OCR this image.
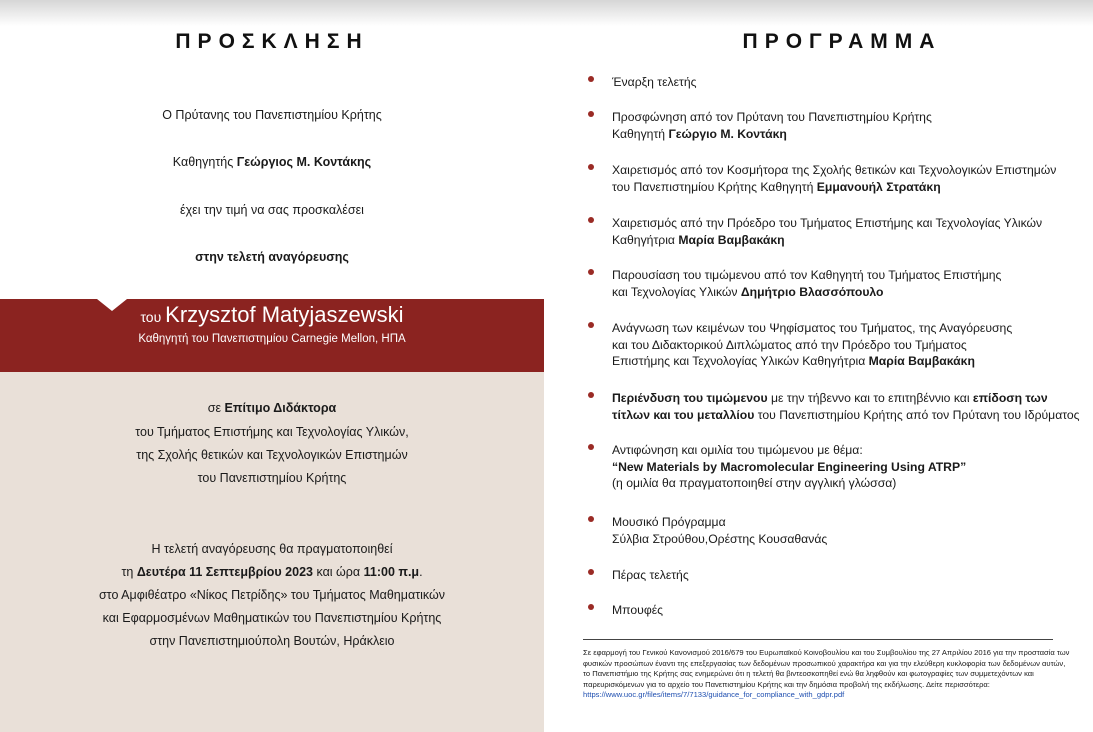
ΠΡΟΣΚΛΗΣΗ
Ο Πρύτανης του Πανεπιστημίου Κρήτης
Καθηγητής Γεώργιος Μ. Κοντάκης
έχει την τιμή να σας προσκαλέσει
στην τελετή αναγόρευσης
του Krzysztof Matyjaszewski
Καθηγητή του Πανεπιστημίου Carnegie Mellon, ΗΠΑ
σε Επίτιμο Διδάκτορα
του Τμήματος Επιστήμης και Τεχνολογίας Υλικών,
της Σχολής θετικών και Τεχνολογικών Επιστημών
του Πανεπιστημίου Κρήτης
Η τελετή αναγόρευσης θα πραγματοποιηθεί
τη Δευτέρα 11 Σεπτεμβρίου 2023 και ώρα 11:00 π.μ.
στο Αμφιθέατρο «Νίκος Πετρίδης» του Τμήματος Μαθηματικών
και Εφαρμοσμένων Μαθηματικών του Πανεπιστημίου Κρήτης
στην Πανεπιστημιούπολη Βουτών, Ηράκλειο
ΠΡΟΓΡΑΜΜΑ
Έναρξη τελετής
Προσφώνηση από τον Πρύτανη του Πανεπιστημίου Κρήτης
Καθηγητή Γεώργιο Μ. Κοντάκη
Χαιρετισμός από τον Κοσμήτορα της Σχολής θετικών και Τεχνολογικών Επιστημών
του Πανεπιστημίου Κρήτης Καθηγητή Εμμανουήλ Στρατάκη
Χαιρετισμός από την Πρόεδρο του Τμήματος Επιστήμης και Τεχνολογίας Υλικών
Καθηγήτρια Μαρία Βαμβακάκη
Παρουσίαση του τιμώμενου από τον Καθηγητή του Τμήματος Επιστήμης
και Τεχνολογίας Υλικών Δημήτριο Βλασσόπουλο
Ανάγνωση των κειμένων του Ψηφίσματος του Τμήματος, της Αναγόρευσης
και του Διδακτορικού Διπλώματος από την Πρόεδρο του Τμήματος
Επιστήμης και Τεχνολογίας Υλικών Καθηγήτρια Μαρία Βαμβακάκη
Περιένδυση του τιμώμενου με την τήβεννο και το επιτηβέννιο και επίδοση των
τίτλων και του μεταλλίου του Πανεπιστημίου Κρήτης από τον Πρύτανη του Ιδρύματος
Αντιφώνηση και ομιλία του τιμώμενου με θέμα:
“New Materials by Macromolecular Engineering Using ATRP”
(η ομιλία θα πραγματοποιηθεί στην αγγλική γλώσσα)
Μουσικό Πρόγραμμα
Σύλβια Στρούθου,Ορέστης Κουσαθανάς
Πέρας τελετής
Μπουφές
Σε εφαρμογή του Γενικού Κανονισμού 2016/679 του Ευρωπαϊκού Κοινοβουλίου και του Συμβουλίου της 27 Απριλίου 2016 για την προστασία των φυσικών προσώπων έναντι της επεξεργασίας των δεδομένων προσωπικού χαρακτήρα και για την ελεύθερη κυκλοφορία των δεδομένων αυτών, το Πανεπιστήμιο της Κρήτης σας ενημερώνει ότι η τελετή θα βιντεοσκοπηθεί ενώ θα ληφθούν και φωτογραφίες των συμμετεχόντων και παρευρισκόμενων για το αρχείο του Πανεπιστημίου Κρήτης και την δημόσια προβολή της εκδήλωσης. Δείτε περισσότερα: https://www.uoc.gr/files/items/7/7133/guidance_for_compliance_with_gdpr.pdf
